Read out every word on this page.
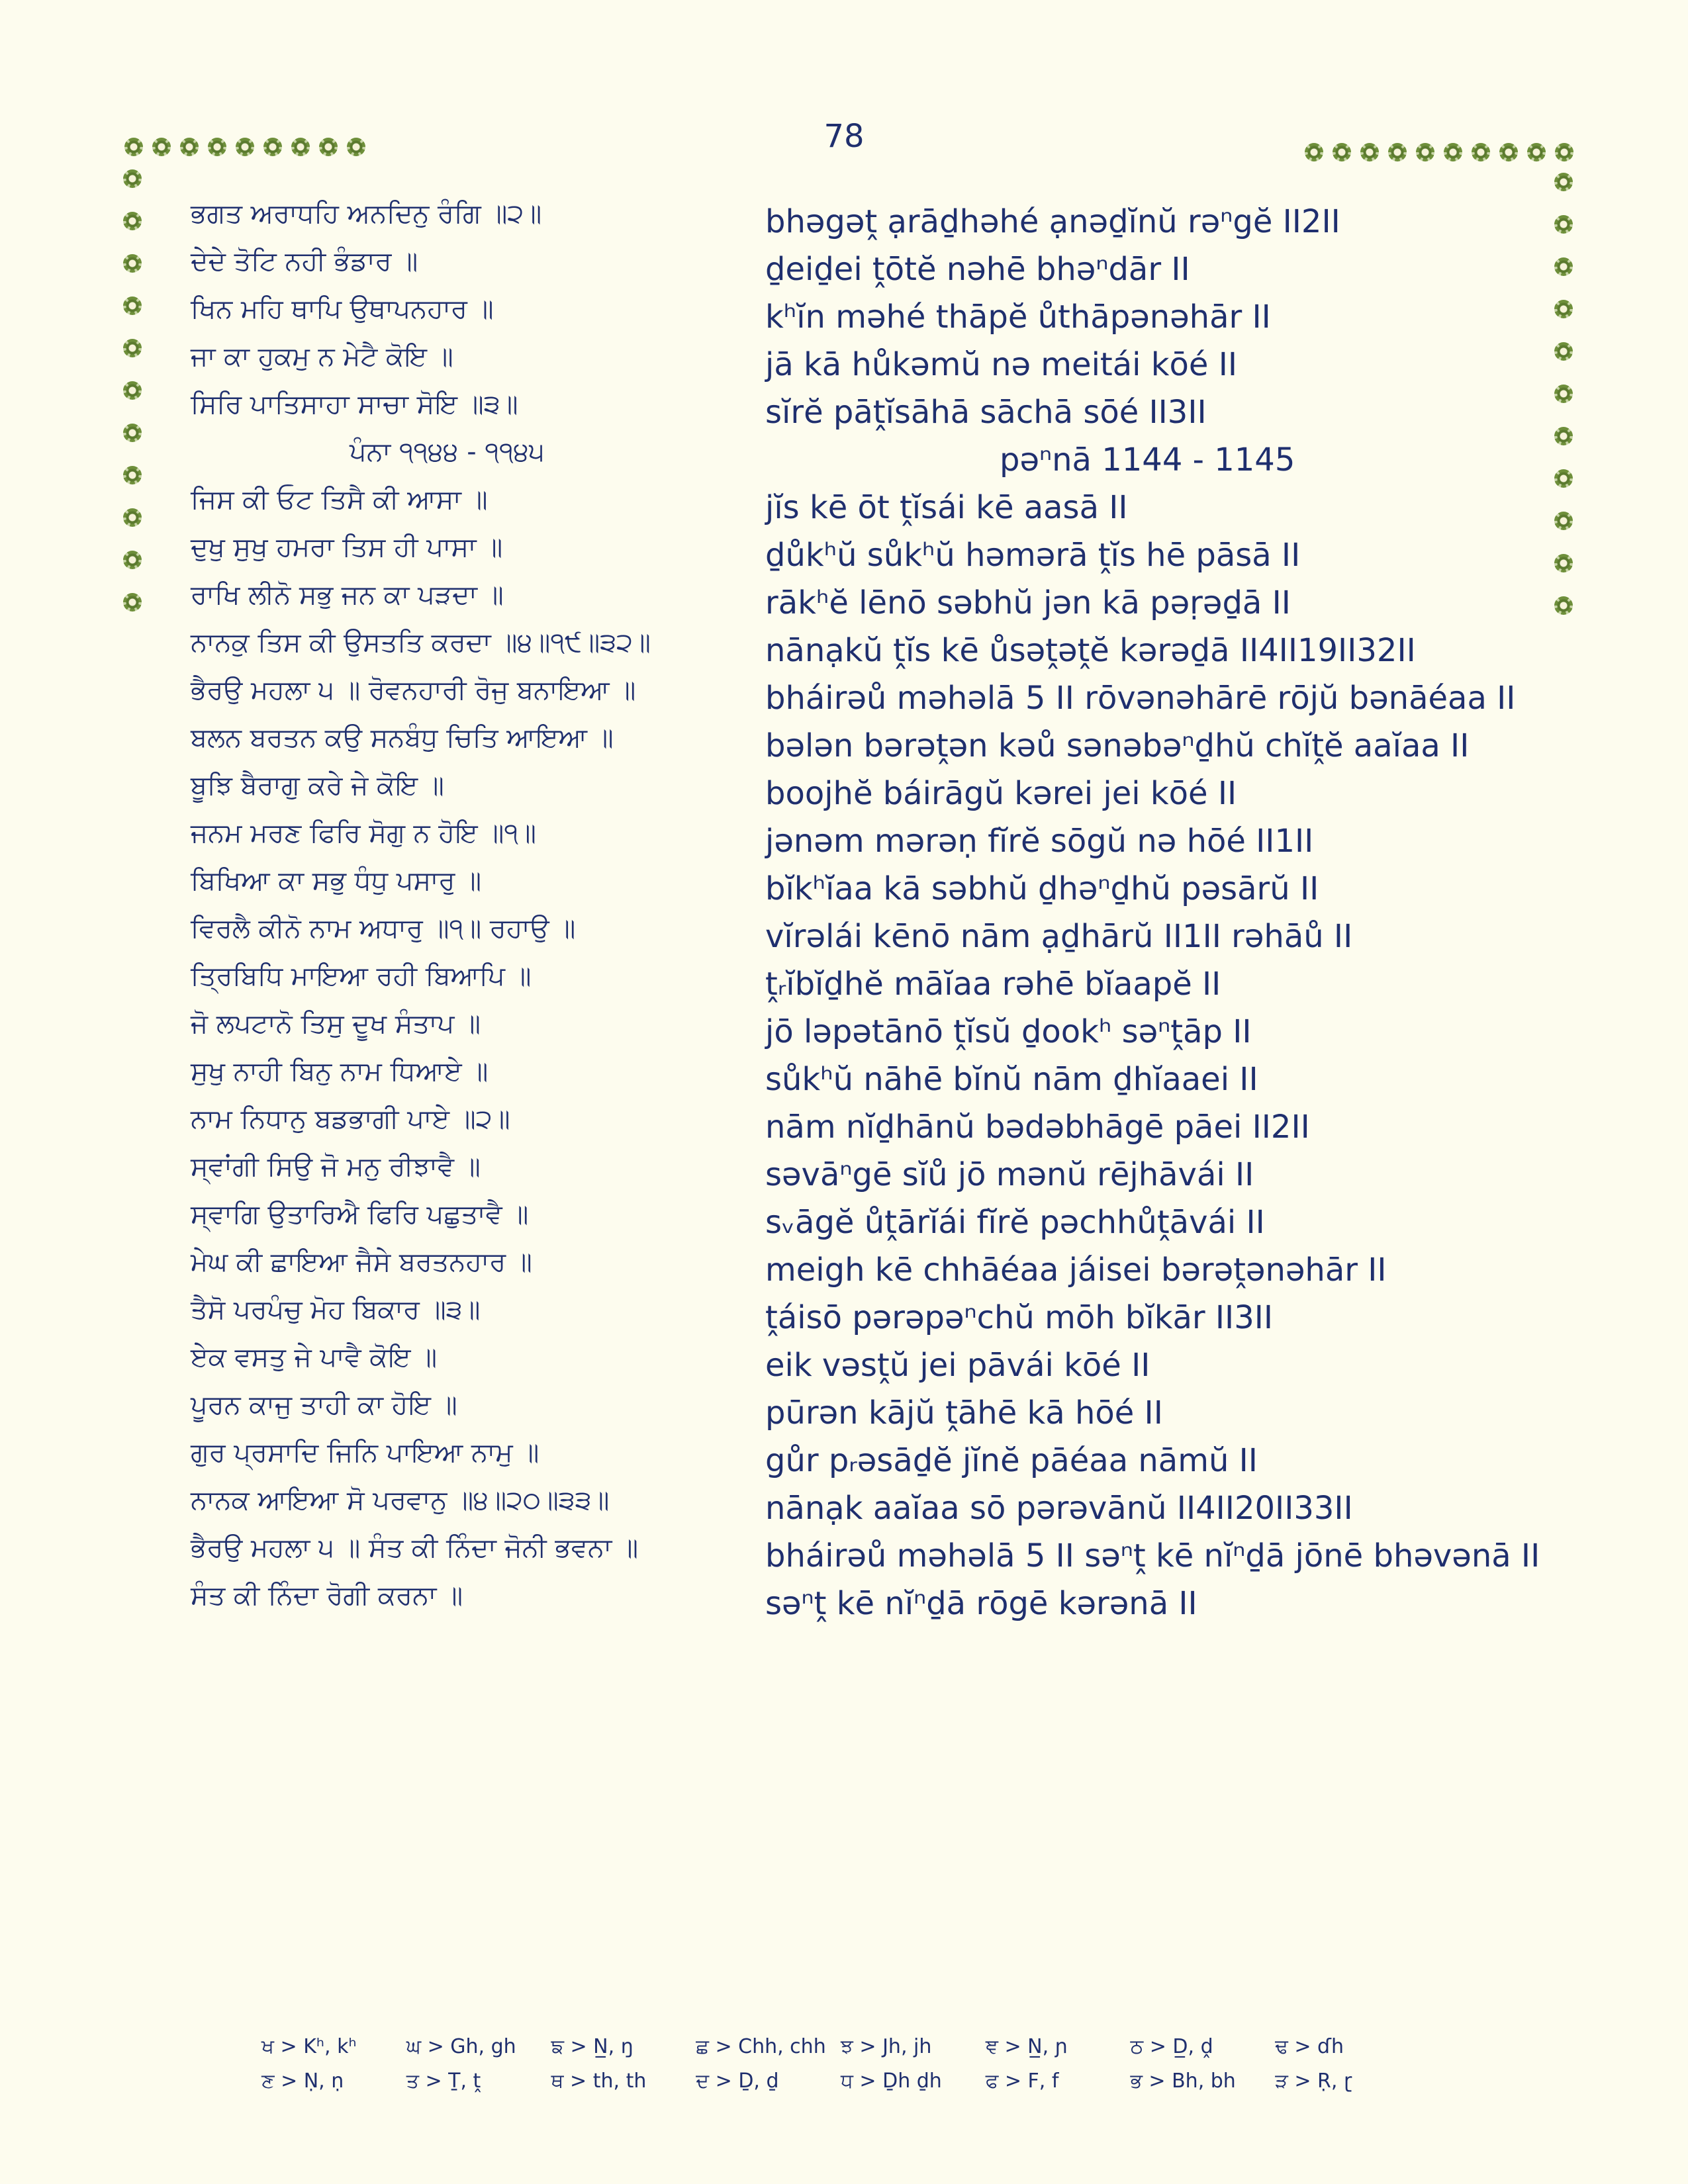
78
ਭਗਤ ਅਰਾਧਹਿ ਅਨਦਿਨੁ ਰੰਗਿ ॥੨॥	bhəgəṱ ạrāḏhəhé ạnəḏĭnŭ rəⁿgĕ II2II
ਦੇਦੇ ਤੋਟਿ ਨਹੀ ਭੰਡਾਰ ॥	ḏeiḏei ṱōtĕ nəhē bhəⁿdār II
ਖਿਨ ਮਹਿ ਥਾਪਿ ਉਥਾਪਨਹਾਰ ॥	kʰĭn məhé thāpĕ ůthāpənəhār II
ਜਾ ਕਾ ਹੁਕਮੁ ਨ ਮੇਟੈ ਕੋਇ ॥	jā kā hůkəmŭ nə meitái kōé II
ਸਿਰਿ ਪਾਤਿਸਾਹਾ ਸਾਚਾ ਸੋਇ ॥੩॥	sĭrĕ pāṱĭsāhā sāchā sōé II3II
ਪੰਨਾ ੧੧੪੪ - ੧੧੪੫	pəⁿnā 1144 - 1145
ਜਿਸ ਕੀ ਓਟ ਤਿਸੈ ਕੀ ਆਸਾ ॥	jĭs kē ōt ṱĭsái kē aasā II
ਦੁਖੁ ਸੁਖੁ ਹਮਰਾ ਤਿਸ ਹੀ ਪਾਸਾ ॥	ḏůkʰŭ sůkʰŭ həmərā ṱĭs hē pāsā II
ਰਾਖਿ ਲੀਨੋ ਸਭੁ ਜਨ ਕਾ ਪੜਦਾ ॥	rākʰĕ lēnō səbhŭ jən kā pəṛəḏā II
ਨਾਨਕੁ ਤਿਸ ਕੀ ਉਸਤਤਿ ਕਰਦਾ ॥੪॥੧੯॥੩੨॥	nānạkŭ ṱĭs kē ůsəṱəṱĕ kərəḏā II4II19II32II
ਭੈਰਉ ਮਹਲਾ ੫ ॥ ਰੋਵਨਹਾਰੀ ਰੋਜੁ ਬਨਾਇਆ ॥	bháirəů məhəlā 5 II rōvənəhārē rōjŭ bənāéaa II
ਬਲਨ ਬਰਤਨ ਕਉ ਸਨਬੰਧੁ ਚਿਤਿ ਆਇਆ ॥	bələn bərəṱən kəů sənəbəⁿḏhŭ chĭṱĕ aaĭaa II
ਬੂਝਿ ਬੈਰਾਗੁ ਕਰੇ ਜੇ ਕੋਇ ॥	boojhĕ báirāgŭ kərei jei kōé II
ਜਨਮ ਮਰਣ ਫਿਰਿ ਸੋਗੁ ਨ ਹੋਇ ॥੧॥	jənəm mərəṇ fĭrĕ sōgŭ nə hōé II1II
ਬਿਖਿਆ ਕਾ ਸਭੁ ਧੰਧੁ ਪਸਾਰੁ ॥	bĭkʰĭaa kā səbhŭ ḏhəⁿḏhŭ pəsārŭ II
ਵਿਰਲੈ ਕੀਨੋ ਨਾਮ ਅਧਾਰੁ ॥੧॥ ਰਹਾਉ ॥	vĭrəlái kēnō nām ạḏhārŭ II1II rəhāů II
ਤ੍ਰਿਬਿਧਿ ਮਾਇਆ ਰਹੀ ਬਿਆਪਿ ॥	ṱᵣĭbĭḏhĕ māĭaa rəhē bĭaapĕ II
ਜੋ ਲਪਟਾਨੋ ਤਿਸੁ ਦੂਖ ਸੰਤਾਪ ॥	jō ləpətānō ṱĭsŭ ḏookʰ səⁿṱāp II
ਸੁਖੁ ਨਾਹੀ ਬਿਨੁ ਨਾਮ ਧਿਆਏ ॥	sůkʰŭ nāhē bĭnŭ nām ḏhĭaaei II
ਨਾਮ ਨਿਧਾਨੁ ਬਡਭਾਗੀ ਪਾਏ ॥੨॥	nām nĭḏhānŭ bədəbhāgē pāei II2II
ਸ੍ਵਾਂਗੀ ਸਿਉ ਜੋ ਮਨੁ ਰੀਝਾਵੈ ॥	səvāⁿgē sĭů jō mənŭ rējhāvái II
ਸ੍ਵਾਗਿ ਉਤਾਰਿਐ ਫਿਰਿ ਪਛੁਤਾਵੈ ॥	sᵥāgĕ ůṱārĭái fĭrĕ pəchhůṱāvái II
ਮੇਘ ਕੀ ਛਾਇਆ ਜੈਸੇ ਬਰਤਨਹਾਰ ॥	meigh kē chhāéaa jáisei bərəṱənəhār II
ਤੈਸੋ ਪਰਪੰਚੁ ਮੋਹ ਬਿਕਾਰ ॥੩॥	ṱáisō pərəpəⁿchŭ mōh bĭkār II3II
ਏਕ ਵਸਤੁ ਜੇ ਪਾਵੈ ਕੋਇ ॥	eik vəsṱŭ jei pāvái kōé II
ਪੂਰਨ ਕਾਜੁ ਤਾਹੀ ਕਾ ਹੋਇ ॥	pūrən kājŭ ṱāhē kā hōé II
ਗੁਰ ਪ੍ਰਸਾਦਿ ਜਿਨਿ ਪਾਇਆ ਨਾਮੁ ॥	gůr pᵣəsāḏĕ jĭnĕ pāéaa nāmŭ II
ਨਾਨਕ ਆਇਆ ਸੋ ਪਰਵਾਨੁ ॥੪॥੨੦॥੩੩॥	nānạk aaĭaa sō pərəvānŭ II4II20II33II
ਭੈਰਉ ਮਹਲਾ ੫ ॥ ਸੰਤ ਕੀ ਨਿੰਦਾ ਜੋਨੀ ਭਵਨਾ ॥	bháirəů məhəlā 5 II səⁿṱ kē nĭⁿḏā jōnē bhəvənā II
ਸੰਤ ਕੀ ਨਿੰਦਾ ਰੋਗੀ ਕਰਨਾ ॥	səⁿṱ kē nĭⁿḏā rōgē kərənā II
ਖ > Kʰ, kʰ	ਘ > Gh, gh	ਙ > N̲, ŋ	ਛ > Chh, chh ਝ > Jh, jh	ਞ > N̲, ɲ	ਠ > D̲, ḓ	ਢ > ɗh
ਣ > Ṇ, ṇ	ਤ > Ṯ, ṱ	ਥ > th, th	ਦ > Ḏ, ḏ	ਧ > Ḏh ḏh	ਫ > F, f	ਭ > Bh, bh	ੜ > Ṛ, ɽ
